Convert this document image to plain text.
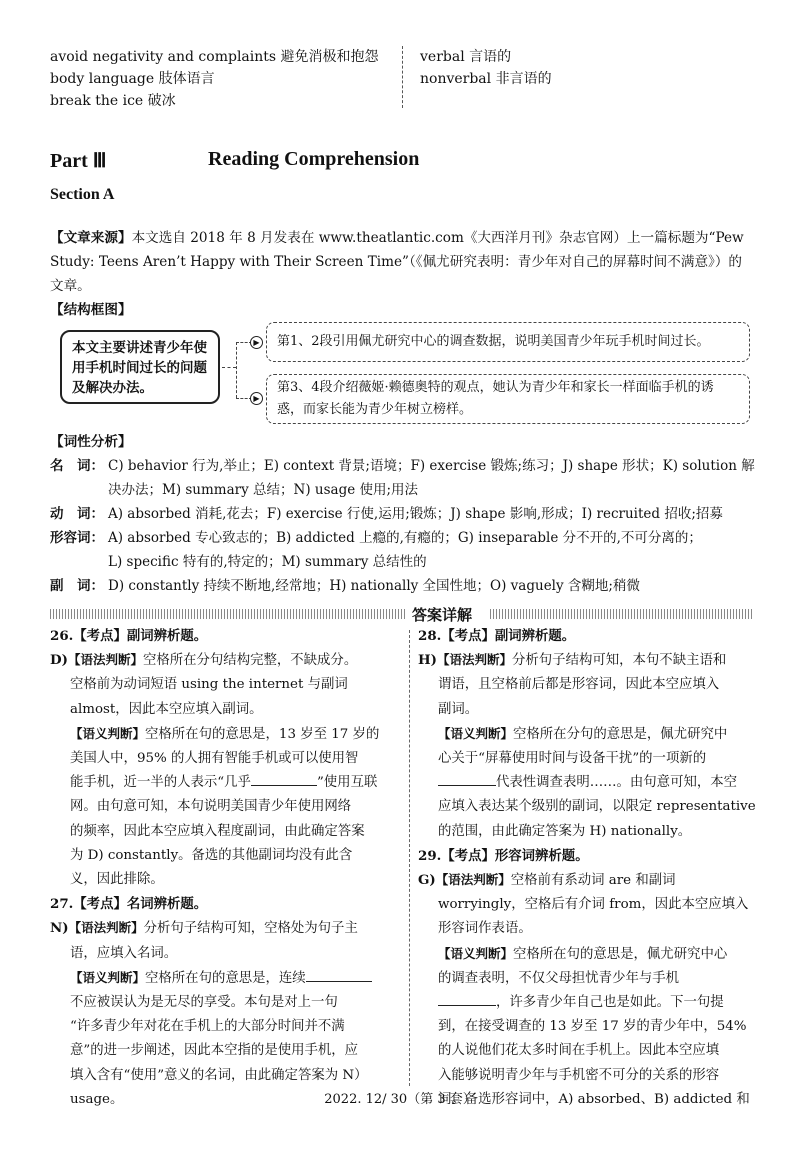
avoid negativity and complaints 避免消极和抱怨
body language 肢体语言
break the ice 破冰
verbal 言语的
nonverbal 非言语的
Part Ⅲ	Reading Comprehension
Section A
【文章来源】本文选自 2018 年 8 月发表在 www.theatlantic.com《大西洋月刊》杂志官网）上一篇标题为“Pew
Study: Teens Aren’t Happy with Their Screen Time”（《佩尤研究表明：青少年对自己的屏幕时间不满意》）的
文章。
【结构框图】
本文主要讲述青少年使用手机时间过长的问题及解决办法。
▶
▶
第1、2段引用佩尤研究中心的调查数据，说明美国青少年玩手机时间过长。
第3、4段介绍薇姬·赖德奥特的观点，她认为青少年和家长一样面临手机的诱惑，而家长能为青少年树立榜样。
【词性分析】
名　词： C) behavior 行为,举止；E) context 背景;语境；F) exercise 锻炼;练习；J) shape 形状；K) solution 解
决办法；M) summary 总结；N) usage 使用;用法
动　词： A) absorbed 消耗,花去；F) exercise 行使,运用;锻炼；J) shape 影响,形成；I) recruited 招收;招募
形容词： A) absorbed 专心致志的；B) addicted 上瘾的,有瘾的；G) inseparable 分不开的,不可分离的；
L) specific 特有的,特定的；M) summary 总结性的
副　词： D) constantly 持续不断地,经常地；H) nationally 全国性地；O) vaguely 含糊地;稍微
答案详解

26.【考点】副词辨析题。

D)【语法判断】空格所在分句结构完整，不缺成分。

空格前为动词短语 using the internet 与副词

almost，因此本空应填入副词。

【语义判断】空格所在句的意思是，13 岁至 17 岁的

美国人中，95% 的人拥有智能手机或可以使用智

能手机，近一半的人表示“几乎	”使用互联

网。由句意可知，本句说明美国青少年使用网络

的频率，因此本空应填入程度副词，由此确定答案

为 D) constantly。备选的其他副词均没有此含

义，因此排除。

27.【考点】名词辨析题。

N)【语法判断】分析句子结构可知，空格处为句子主

语，应填入名词。

【语义判断】空格所在句的意思是，连续

不应被误认为是无尽的享受。本句是对上一句

“许多青少年对花在手机上的大部分时间并不满

意”的进一步阐述，因此本空指的是使用手机，应

填入含有“使用”意义的名词，由此确定答案为 N）

usage。

28.【考点】副词辨析题。

H)【语法判断】分析句子结构可知，本句不缺主语和

谓语，且空格前后都是形容词，因此本空应填入

副词。

【语义判断】空格所在分句的意思是，佩尤研究中

心关于“屏幕使用时间与设备干扰”的一项新的

代表性调查表明……。由句意可知，本空

应填入表达某个级别的副词，以限定 representative

的范围，由此确定答案为 H) nationally。

29.【考点】形容词辨析题。

G)【语法判断】空格前有系动词 are 和副词

worryingly，空格后有介词 from，因此本空应填入

形容词作表语。

【语义判断】空格所在句的意思是，佩尤研究中心

的调查表明，不仅父母担忧青少年与手机

，许多青少年自己也是如此。下一句提

到，在接受调查的 13 岁至 17 岁的青少年中，54%

的人说他们花太多时间在手机上。因此本空应填

入能够说明青少年与手机密不可分的关系的形容

词。备选形容词中，A) absorbed、B) addicted 和

2022. 12/ 30（第 3 套）
